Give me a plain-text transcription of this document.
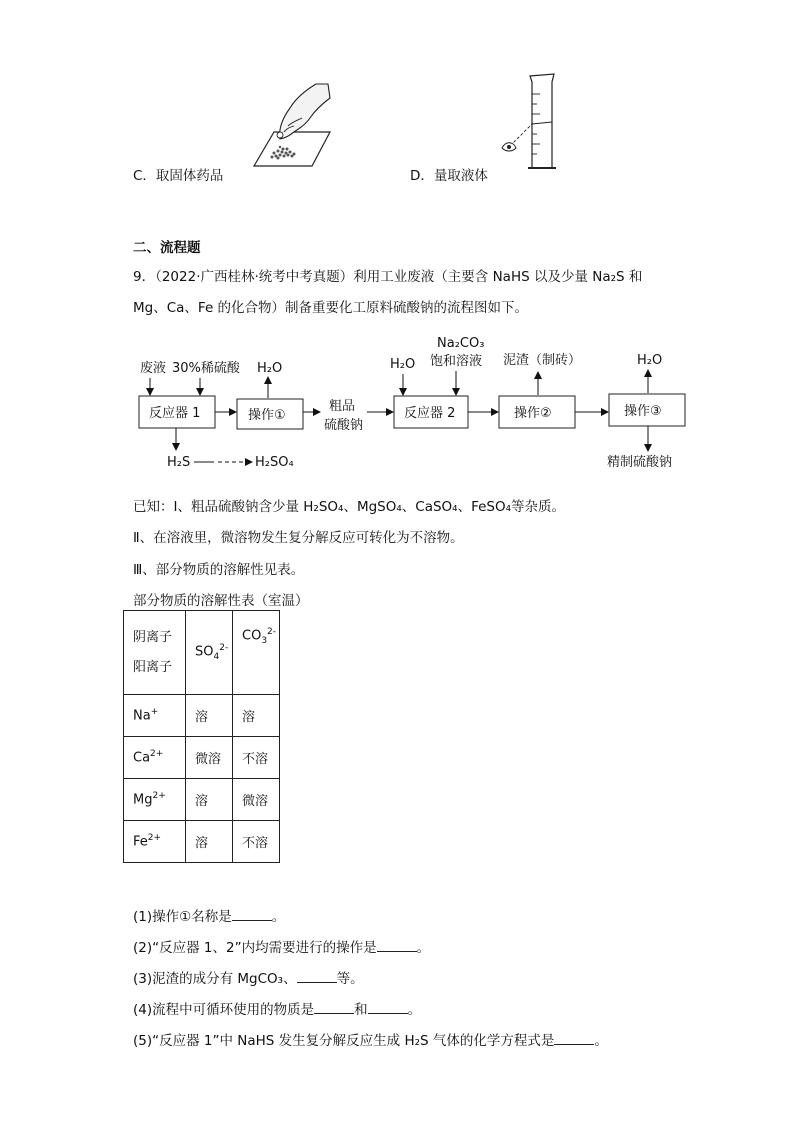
C．取固体药品	D．量取液体
二、流程题
9．（2022·广西桂林·统考中考真题）利用工业废液（主要含 NaHS 以及少量 Na₂S 和
Mg、Ca、Fe 的化合物）制备重要化工原料硫酸钠的流程图如下。
废液 30%稀硫酸 H₂O	H₂O
Na₂CO₃
饱和溶液 泥渣（制砖）	H₂O
粗品
硫酸钠
H₂S	H₂SO₄	精制硫酸钠
反应器 1	操作①	反应器 2	操作②	操作③
已知：Ⅰ、粗品硫酸钠含少量 H₂SO₄、MgSO₄、CaSO₄、FeSO₄等杂质。
Ⅱ、在溶液里，微溶物发生复分解反应可转化为不溶物。
Ⅲ、部分物质的溶解性见表。
部分物质的溶解性表（室温）
阴离子
阳离子	$SO_4^{2-}$	$CO_3^{2-}$
Na+	溶	溶
$Ca^{2+}$	微溶	不溶
$Mg^{2+}$	溶	微溶
$Fe^{2+}$	溶	不溶
(1)操作①名称是	。
(2)“反应器 1、2”内均需要进行的操作是	。
(3)泥渣的成分有 MgCO₃、	等。
(4)流程中可循环使用的物质是	和	。
(5)“反应器 1”中 NaHS 发生复分解反应生成 H₂S 气体的化学方程式是	。
